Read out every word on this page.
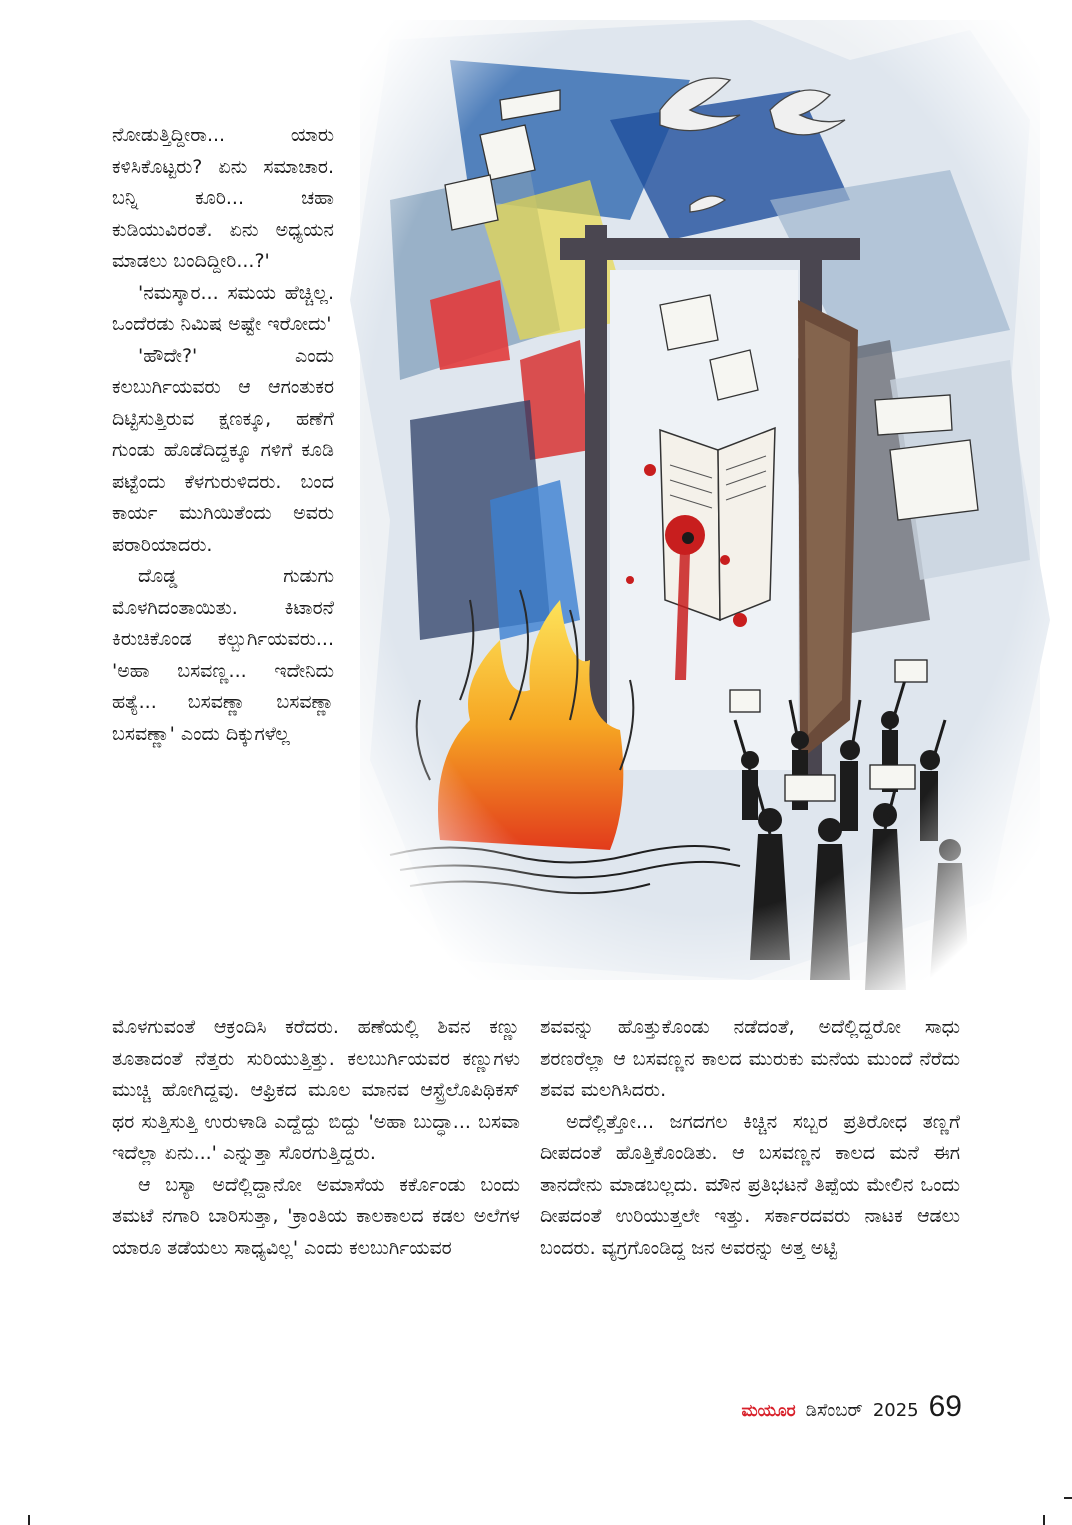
ನೋಡುತ್ತಿದ್ದೀರಾ... ಯಾರು ಕಳಿಸಿಕೊಟ್ಟರು? ಏನು ಸಮಾಚಾರ. ಬನ್ನಿ ಕೂರಿ... ಚಹಾ ಕುಡಿಯುವಿರಂತೆ. ಏನು ಅಧ್ಯಯನ ಮಾಡಲು ಬಂದಿದ್ದೀರಿ...?'

'ನಮಸ್ಕಾರ... ಸಮಯ ಹೆಚ್ಚಿಲ್ಲ. ಒಂದೆರಡು ನಿಮಿಷ ಅಷ್ಟೇ ಇರೋದು'

'ಹೌದೇ?' ಎಂದು ಕಲಬುರ್ಗಿಯವರು ಆ ಆಗಂತುಕರ ದಿಟ್ಟಿಸುತ್ತಿರುವ ಕ್ಷಣಕ್ಕೂ, ಹಣೆಗೆ ಗುಂಡು ಹೊಡೆದಿದ್ದಕ್ಕೂ ಗಳಿಗೆ ಕೂಡಿ ಪಟ್ಟೆಂದು ಕೆಳಗುರುಳಿದರು. ಬಂದ ಕಾರ್ಯ ಮುಗಿಯಿತೆಂದು ಅವರು ಪರಾರಿಯಾದರು.

ದೊಡ್ಡ ಗುಡುಗು ಮೊಳಗಿದಂತಾಯಿತು. ಕಿಟಾರನೆ ಕಿರುಚಿಕೊಂಡ ಕಲ್ಬುರ್ಗಿಯವರು... 'ಅಹಾ ಬಸವಣ್ಣ... ಇದೇನಿದು ಹತ್ಯೆ... ಬಸವಣ್ಣಾ ಬಸವಣ್ಣಾ ಬಸವಣ್ಣಾ' ಎಂದು ದಿಕ್ಕುಗಳೆಲ್ಲ

ಮೊಳಗುವಂತೆ ಆಕ್ರಂದಿಸಿ ಕರೆದರು. ಹಣೆಯಲ್ಲಿ ಶಿವನ ಕಣ್ಣು ತೂತಾದಂತೆ ನೆತ್ತರು ಸುರಿಯುತ್ತಿತ್ತು. ಕಲಬುರ್ಗಿಯವರ ಕಣ್ಣುಗಳು ಮುಚ್ಚಿ ಹೋಗಿದ್ದವು. ಆಫ್ರಿಕದ ಮೂಲ ಮಾನವ ಆಸ್ಟ್ರೆಲೊಪಿಥಿಕಸ್ ಥರ ಸುತ್ತಿಸುತ್ತಿ ಉರುಳಾಡಿ ಎದ್ದೆದ್ದು ಬಿದ್ದು 'ಅಹಾ ಬುದ್ಧಾ... ಬಸವಾ ಇದೆಲ್ಲಾ ಏನು...' ಎನ್ನುತ್ತಾ ಸೊರಗುತ್ತಿದ್ದರು.

ಆ ಬಸ್ಯಾ ಅದೆಲ್ಲಿದ್ದಾನೋ ಅಮಾಸೆಯ ಕರ್ಕೊಂಡು ಬಂದು ತಮಟೆ ನಗಾರಿ ಬಾರಿಸುತ್ತಾ, 'ಕ್ರಾಂತಿಯ ಕಾಲಕಾಲದ ಕಡಲ ಅಲೆಗಳ ಯಾರೂ ತಡೆಯಲು ಸಾಧ್ಯವಿಲ್ಲ' ಎಂದು ಕಲಬುರ್ಗಿಯವರ

ಶವವನ್ನು ಹೊತ್ತುಕೊಂಡು ನಡೆದಂತೆ, ಅದೆಲ್ಲಿದ್ದರೋ ಸಾಧು ಶರಣರೆಲ್ಲಾ ಆ ಬಸವಣ್ಣನ ಕಾಲದ ಮುರುಕು ಮನೆಯ ಮುಂದೆ ನೆರೆದು ಶವವ ಮಲಗಿಸಿದರು.

ಅದೆಲ್ಲಿತ್ತೋ... ಜಗದಗಲ ಕಿಚ್ಚಿನ ಸಬ್ಬರ ಪ್ರತಿರೋಧ ತಣ್ಣಗೆ ದೀಪದಂತೆ ಹೊತ್ತಿಕೊಂಡಿತು. ಆ ಬಸವಣ್ಣನ ಕಾಲದ ಮನೆ ಈಗ ತಾನದೇನು ಮಾಡಬಲ್ಲದು. ಮೌನ ಪ್ರತಿಭಟನೆ ತಿಪ್ಪೆಯ ಮೇಲಿನ ಒಂದು ದೀಪದಂತೆ ಉರಿಯುತ್ತಲೇ ಇತ್ತು. ಸರ್ಕಾರದವರು ನಾಟಕ ಆಡಲು ಬಂದರು. ವ್ಯಗ್ರಗೊಂಡಿದ್ದ ಜನ ಅವರನ್ನು ಅತ್ತ ಅಟ್ಟಿ

ಮಯೂರ ಡಿಸೆಂಬರ್ 2025 69
